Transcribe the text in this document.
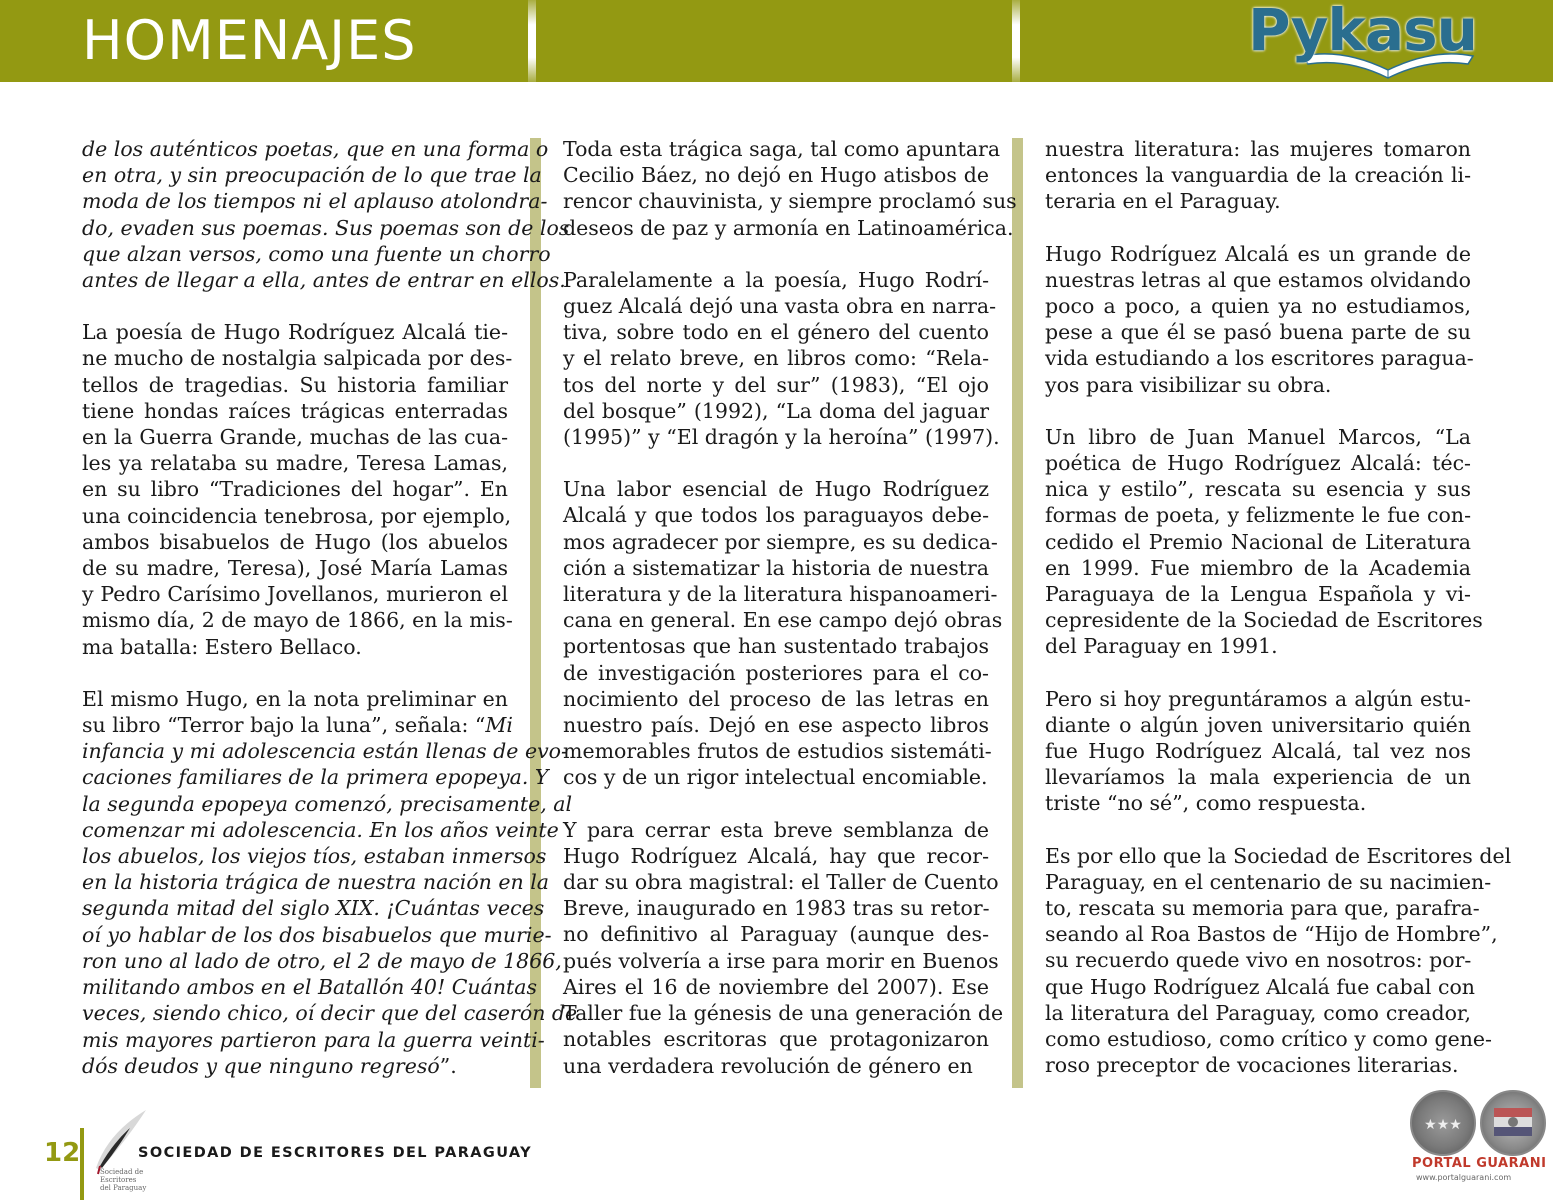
HOMENAJES	Pykasu

de los auténticos poetas, que en una forma o
en otra, y sin preocupación de lo que trae la
moda de los tiempos ni el aplauso atolondra-
do, evaden sus poemas. Sus poemas son de los
que alzan versos, como una fuente un chorro
antes de llegar a ella, antes de entrar en ellos.

La poesía de Hugo Rodríguez Alcalá tie-
ne mucho de nostalgia salpicada por des-
tellos de tragedias. Su historia familiar
tiene hondas raíces trágicas enterradas
en la Guerra Grande, muchas de las cua-
les ya relataba su madre, Teresa Lamas,
en su libro “Tradiciones del hogar”. En
una coincidencia tenebrosa, por ejemplo,
ambos bisabuelos de Hugo (los abuelos
de su madre, Teresa), José María Lamas
y Pedro Carísimo Jovellanos, murieron el
mismo día, 2 de mayo de 1866, en la mis-
ma batalla: Estero Bellaco.

El mismo Hugo, en la nota preliminar en
su libro “Terror bajo la luna”, señala: “Mi
infancia y mi adolescencia están llenas de evo-
caciones familiares de la primera epopeya. Y
la segunda epopeya comenzó, precisamente, al
comenzar mi adolescencia. En los años veinte
los abuelos, los viejos tíos, estaban inmersos
en la historia trágica de nuestra nación en la
segunda mitad del siglo XIX. ¡Cuántas veces
oí yo hablar de los dos bisabuelos que murie-
ron uno al lado de otro, el 2 de mayo de 1866,
militando ambos en el Batallón 40! Cuántas
veces, siendo chico, oí decir que del caserón de
mis mayores partieron para la guerra veinti-
dós deudos y que ninguno regresó”.

Toda esta trágica saga, tal como apuntara
Cecilio Báez, no dejó en Hugo atisbos de
rencor chauvinista, y siempre proclamó sus
deseos de paz y armonía en Latinoamérica.

Paralelamente a la poesía, Hugo Rodrí-
guez Alcalá dejó una vasta obra en narra-
tiva, sobre todo en el género del cuento
y el relato breve, en libros como: “Rela-
tos del norte y del sur” (1983), “El ojo
del bosque” (1992), “La doma del jaguar
(1995)” y “El dragón y la heroína” (1997).

Una labor esencial de Hugo Rodríguez
Alcalá y que todos los paraguayos debe-
mos agradecer por siempre, es su dedica-
ción a sistematizar la historia de nuestra
literatura y de la literatura hispanoameri-
cana en general. En ese campo dejó obras
portentosas que han sustentado trabajos
de investigación posteriores para el co-
nocimiento del proceso de las letras en
nuestro país. Dejó en ese aspecto libros
memorables frutos de estudios sistemáti-
cos y de un rigor intelectual encomiable.

Y para cerrar esta breve semblanza de
Hugo Rodríguez Alcalá, hay que recor-
dar su obra magistral: el Taller de Cuento
Breve, inaugurado en 1983 tras su retor-
no definitivo al Paraguay (aunque des-
pués volvería a irse para morir en Buenos
Aires el 16 de noviembre del 2007). Ese
Taller fue la génesis de una generación de
notables escritoras que protagonizaron
una verdadera revolución de género en

nuestra literatura: las mujeres tomaron
entonces la vanguardia de la creación li-
teraria en el Paraguay.

Hugo Rodríguez Alcalá es un grande de
nuestras letras al que estamos olvidando
poco a poco, a quien ya no estudiamos,
pese a que él se pasó buena parte de su
vida estudiando a los escritores paragua-
yos para visibilizar su obra.

Un libro de Juan Manuel Marcos, “La
poética de Hugo Rodríguez Alcalá: téc-
nica y estilo”, rescata su esencia y sus
formas de poeta, y felizmente le fue con-
cedido el Premio Nacional de Literatura
en 1999. Fue miembro de la Academia
Paraguaya de la Lengua Española y vi-
cepresidente de la Sociedad de Escritores
del Paraguay en 1991.

Pero si hoy preguntáramos a algún estu-
diante o algún joven universitario quién
fue Hugo Rodríguez Alcalá, tal vez nos
llevaríamos la mala experiencia de un
triste “no sé”, como respuesta.

Es por ello que la Sociedad de Escritores del
Paraguay, en el centenario de su nacimien-
to, rescata su memoria para que, parafra-
seando al Roa Bastos de “Hijo de Hombre”,
su recuerdo quede vivo en nosotros: por-
que Hugo Rodríguez Alcalá fue cabal con
la literatura del Paraguay, como creador,
como estudioso, como crítico y como gene-
roso preceptor de vocaciones literarias.

12
Sociedad de
Escritores
del Paraguay
SOCIEDAD DE ESCRITORES DEL PARAGUAY
★★★
PORTAL GUARANI
www.portalguarani.com
